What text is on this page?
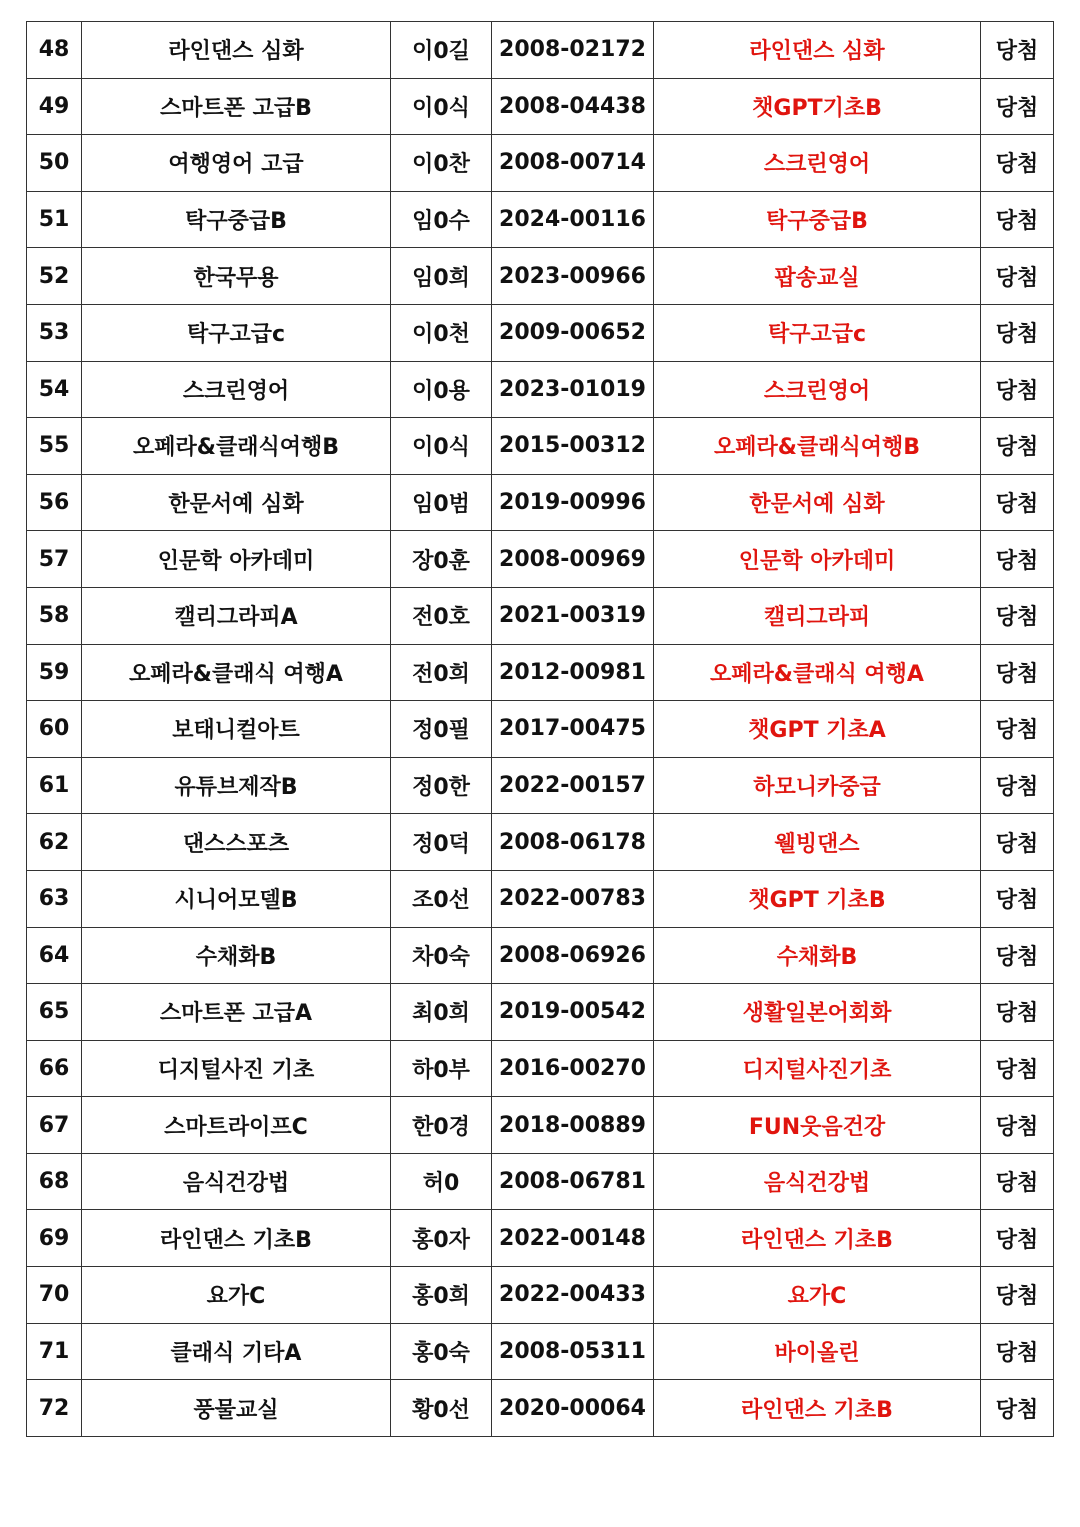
48	라인댄스 심화	이0길	2008-02172	라인댄스 심화	당첨
49	스마트폰 고급B	이0식	2008-04438	챗GPT기초B	당첨
50	여행영어 고급	이0찬	2008-00714	스크린영어	당첨
51	탁구중급B	임0수	2024-00116	탁구중급B	당첨
52	한국무용	임0희	2023-00966	팝송교실	당첨
53	탁구고급c	이0천	2009-00652	탁구고급c	당첨
54	스크린영어	이0용	2023-01019	스크린영어	당첨
55	오페라&클래식여행B	이0식	2015-00312	오페라&클래식여행B	당첨
56	한문서예 심화	임0범	2019-00996	한문서예 심화	당첨
57	인문학 아카데미	장0훈	2008-00969	인문학 아카데미	당첨
58	캘리그라피A	전0호	2021-00319	캘리그라피	당첨
59	오페라&클래식 여행A	전0희	2012-00981	오페라&클래식 여행A	당첨
60	보태니컬아트	정0필	2017-00475	챗GPT 기초A	당첨
61	유튜브제작B	정0한	2022-00157	하모니카중급	당첨
62	댄스스포츠	정0덕	2008-06178	웰빙댄스	당첨
63	시니어모델B	조0선	2022-00783	챗GPT 기초B	당첨
64	수채화B	차0숙	2008-06926	수채화B	당첨
65	스마트폰 고급A	최0희	2019-00542	생활일본어회화	당첨
66	디지털사진 기초	하0부	2016-00270	디지털사진기초	당첨
67	스마트라이프C	한0경	2018-00889	FUN웃음건강	당첨
68	음식건강법	허0	2008-06781	음식건강법	당첨
69	라인댄스 기초B	홍0자	2022-00148	라인댄스 기초B	당첨
70	요가C	홍0희	2022-00433	요가C	당첨
71	클래식 기타A	홍0숙	2008-05311	바이올린	당첨
72	풍물교실	황0선	2020-00064	라인댄스 기초B	당첨
